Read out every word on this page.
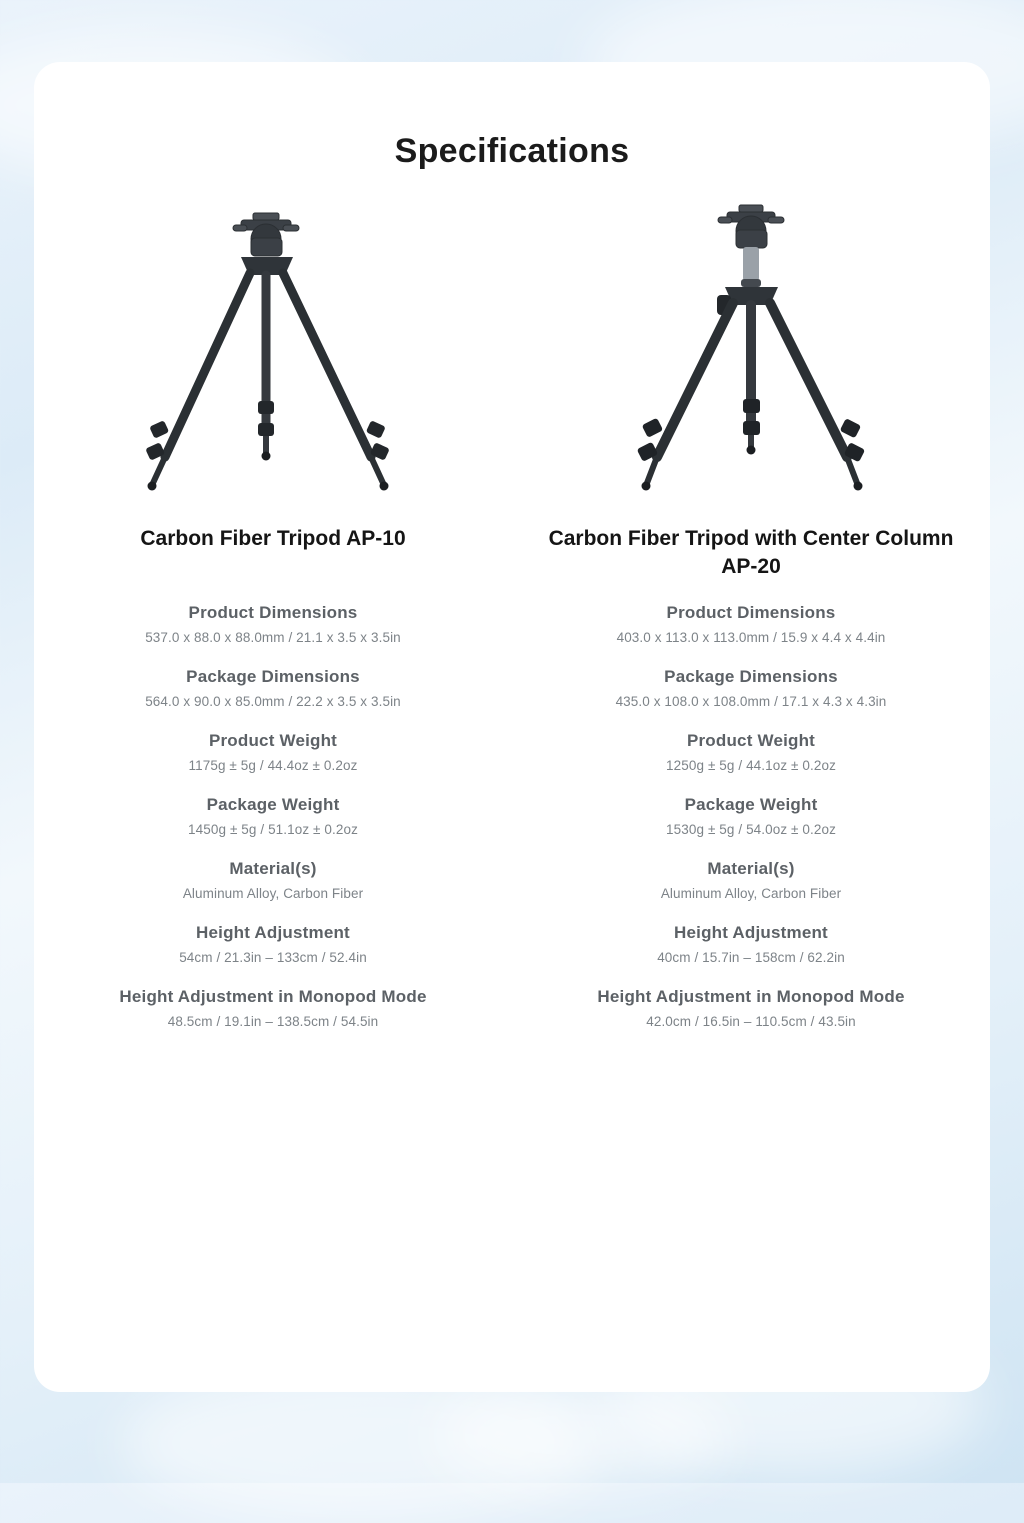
Specifications
Carbon Fiber Tripod AP-10
Product Dimensions
537.0 x 88.0 x 88.0mm / 21.1 x 3.5 x 3.5in
Package Dimensions
564.0 x 90.0 x 85.0mm / 22.2 x 3.5 x 3.5in
Product Weight
1175g ± 5g / 44.4oz ± 0.2oz
Package Weight
1450g ± 5g / 51.1oz ± 0.2oz
Material(s)
Aluminum Alloy, Carbon Fiber
Height Adjustment
54cm / 21.3in – 133cm / 52.4in
Height Adjustment in Monopod Mode
48.5cm / 19.1in – 138.5cm / 54.5in
Carbon Fiber Tripod with Center Column AP-20
Product Dimensions
403.0 x 113.0 x 113.0mm / 15.9 x 4.4 x 4.4in
Package Dimensions
435.0 x 108.0 x 108.0mm / 17.1 x 4.3 x 4.3in
Product Weight
1250g ± 5g / 44.1oz ± 0.2oz
Package Weight
1530g ± 5g / 54.0oz ± 0.2oz
Material(s)
Aluminum Alloy, Carbon Fiber
Height Adjustment
40cm / 15.7in – 158cm / 62.2in
Height Adjustment in Monopod Mode
42.0cm / 16.5in – 110.5cm / 43.5in
